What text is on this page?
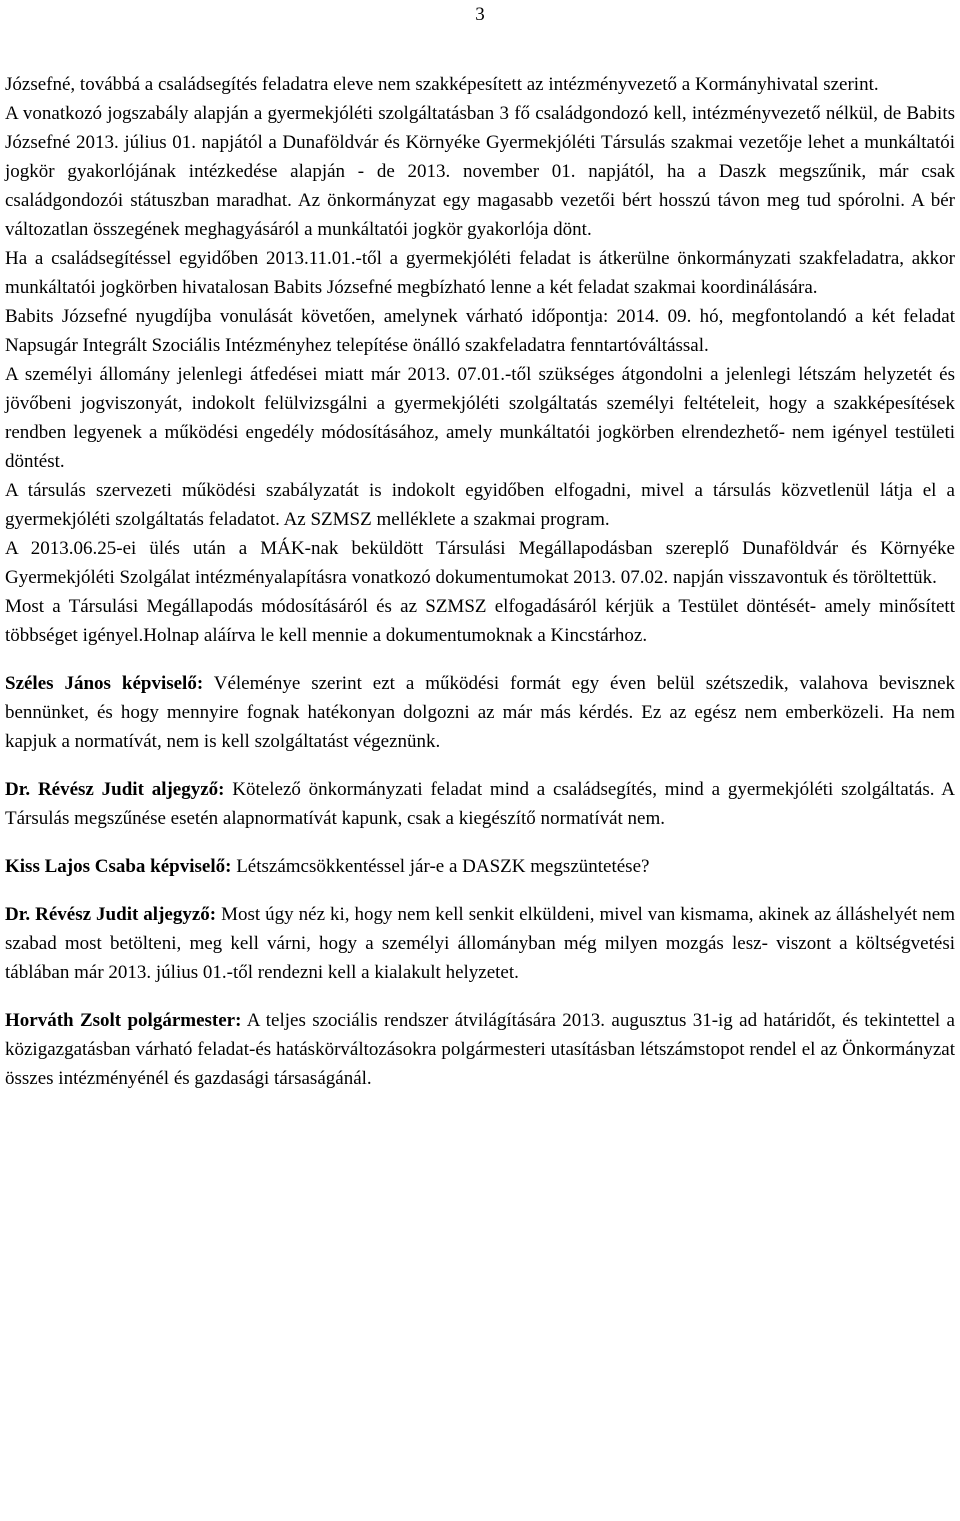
3

Józsefné, továbbá a családsegítés feladatra eleve nem szakképesített az intézményvezető a Kormányhivatal szerint.

A vonatkozó jogszabály alapján a gyermekjóléti szolgáltatásban 3 fő családgondozó kell, intézményvezető nélkül, de Babits Józsefné 2013. július 01. napjától a Dunaföldvár és Környéke Gyermekjóléti Társulás szakmai vezetője lehet a munkáltatói jogkör gyakorlójának intézkedése alapján - de 2013. november 01. napjától, ha a Daszk megszűnik, már csak családgondozói státuszban maradhat. Az önkormányzat egy magasabb vezetői bért hosszú távon meg tud spórolni. A bér változatlan összegének meghagyásáról a munkáltatói jogkör gyakorlója dönt.

Ha a családsegítéssel egyidőben 2013.11.01.-től a gyermekjóléti feladat is átkerülne önkormányzati szakfeladatra, akkor munkáltatói jogkörben hivatalosan Babits Józsefné megbízható lenne a két feladat szakmai koordinálására.

Babits Józsefné nyugdíjba vonulását követően, amelynek várható időpontja: 2014. 09. hó, megfontolandó a két feladat Napsugár Integrált Szociális Intézményhez telepítése önálló szakfeladatra fenntartóváltással.

A személyi állomány jelenlegi átfedései miatt már 2013. 07.01.-től szükséges átgondolni a jelenlegi létszám helyzetét és jövőbeni jogviszonyát, indokolt felülvizsgálni a gyermekjóléti szolgáltatás személyi feltételeit, hogy a szakképesítések rendben legyenek a működési engedély módosításához, amely munkáltatói jogkörben elrendezhető- nem igényel testületi döntést.

A társulás szervezeti működési szabályzatát is indokolt egyidőben elfogadni, mivel a társulás közvetlenül látja el a gyermekjóléti szolgáltatás feladatot. Az SZMSZ melléklete a szakmai program.

A 2013.06.25-ei ülés után a MÁK-nak beküldött Társulási Megállapodásban szereplő Dunaföldvár és Környéke Gyermekjóléti Szolgálat intézményalapításra vonatkozó dokumentumokat 2013. 07.02. napján visszavontuk és töröltettük.

Most a Társulási Megállapodás módosításáról és az SZMSZ elfogadásáról kérjük a Testület döntését- amely minősített többséget igényel.Holnap aláírva le kell mennie a dokumentumoknak a Kincstárhoz.

Széles János képviselő: Véleménye szerint ezt a működési formát egy éven belül szétszedik, valahova bevisznek bennünket, és hogy mennyire fognak hatékonyan dolgozni az már más kérdés. Ez az egész nem emberközeli. Ha nem kapjuk a normatívát, nem is kell szolgáltatást végeznünk.

Dr. Révész Judit aljegyző: Kötelező önkormányzati feladat mind a családsegítés, mind a gyermekjóléti szolgáltatás. A Társulás megszűnése esetén alapnormatívát kapunk, csak a kiegészítő normatívát nem.

Kiss Lajos Csaba képviselő: Létszámcsökkentéssel jár-e a DASZK megszüntetése?

Dr. Révész Judit aljegyző: Most úgy néz ki, hogy nem kell senkit elküldeni, mivel van kismama, akinek az álláshelyét nem szabad most betölteni, meg kell várni, hogy a személyi állományban még milyen mozgás lesz- viszont a költségvetési táblában már 2013. július 01.-től rendezni kell a kialakult helyzetet.

Horváth Zsolt polgármester: A teljes szociális rendszer átvilágítására 2013. augusztus 31-ig ad határidőt, és tekintettel a közigazgatásban várható feladat-és hatáskörváltozásokra polgármesteri utasításban létszámstopot rendel el az Önkormányzat összes intézményénél és gazdasági társaságánál.
